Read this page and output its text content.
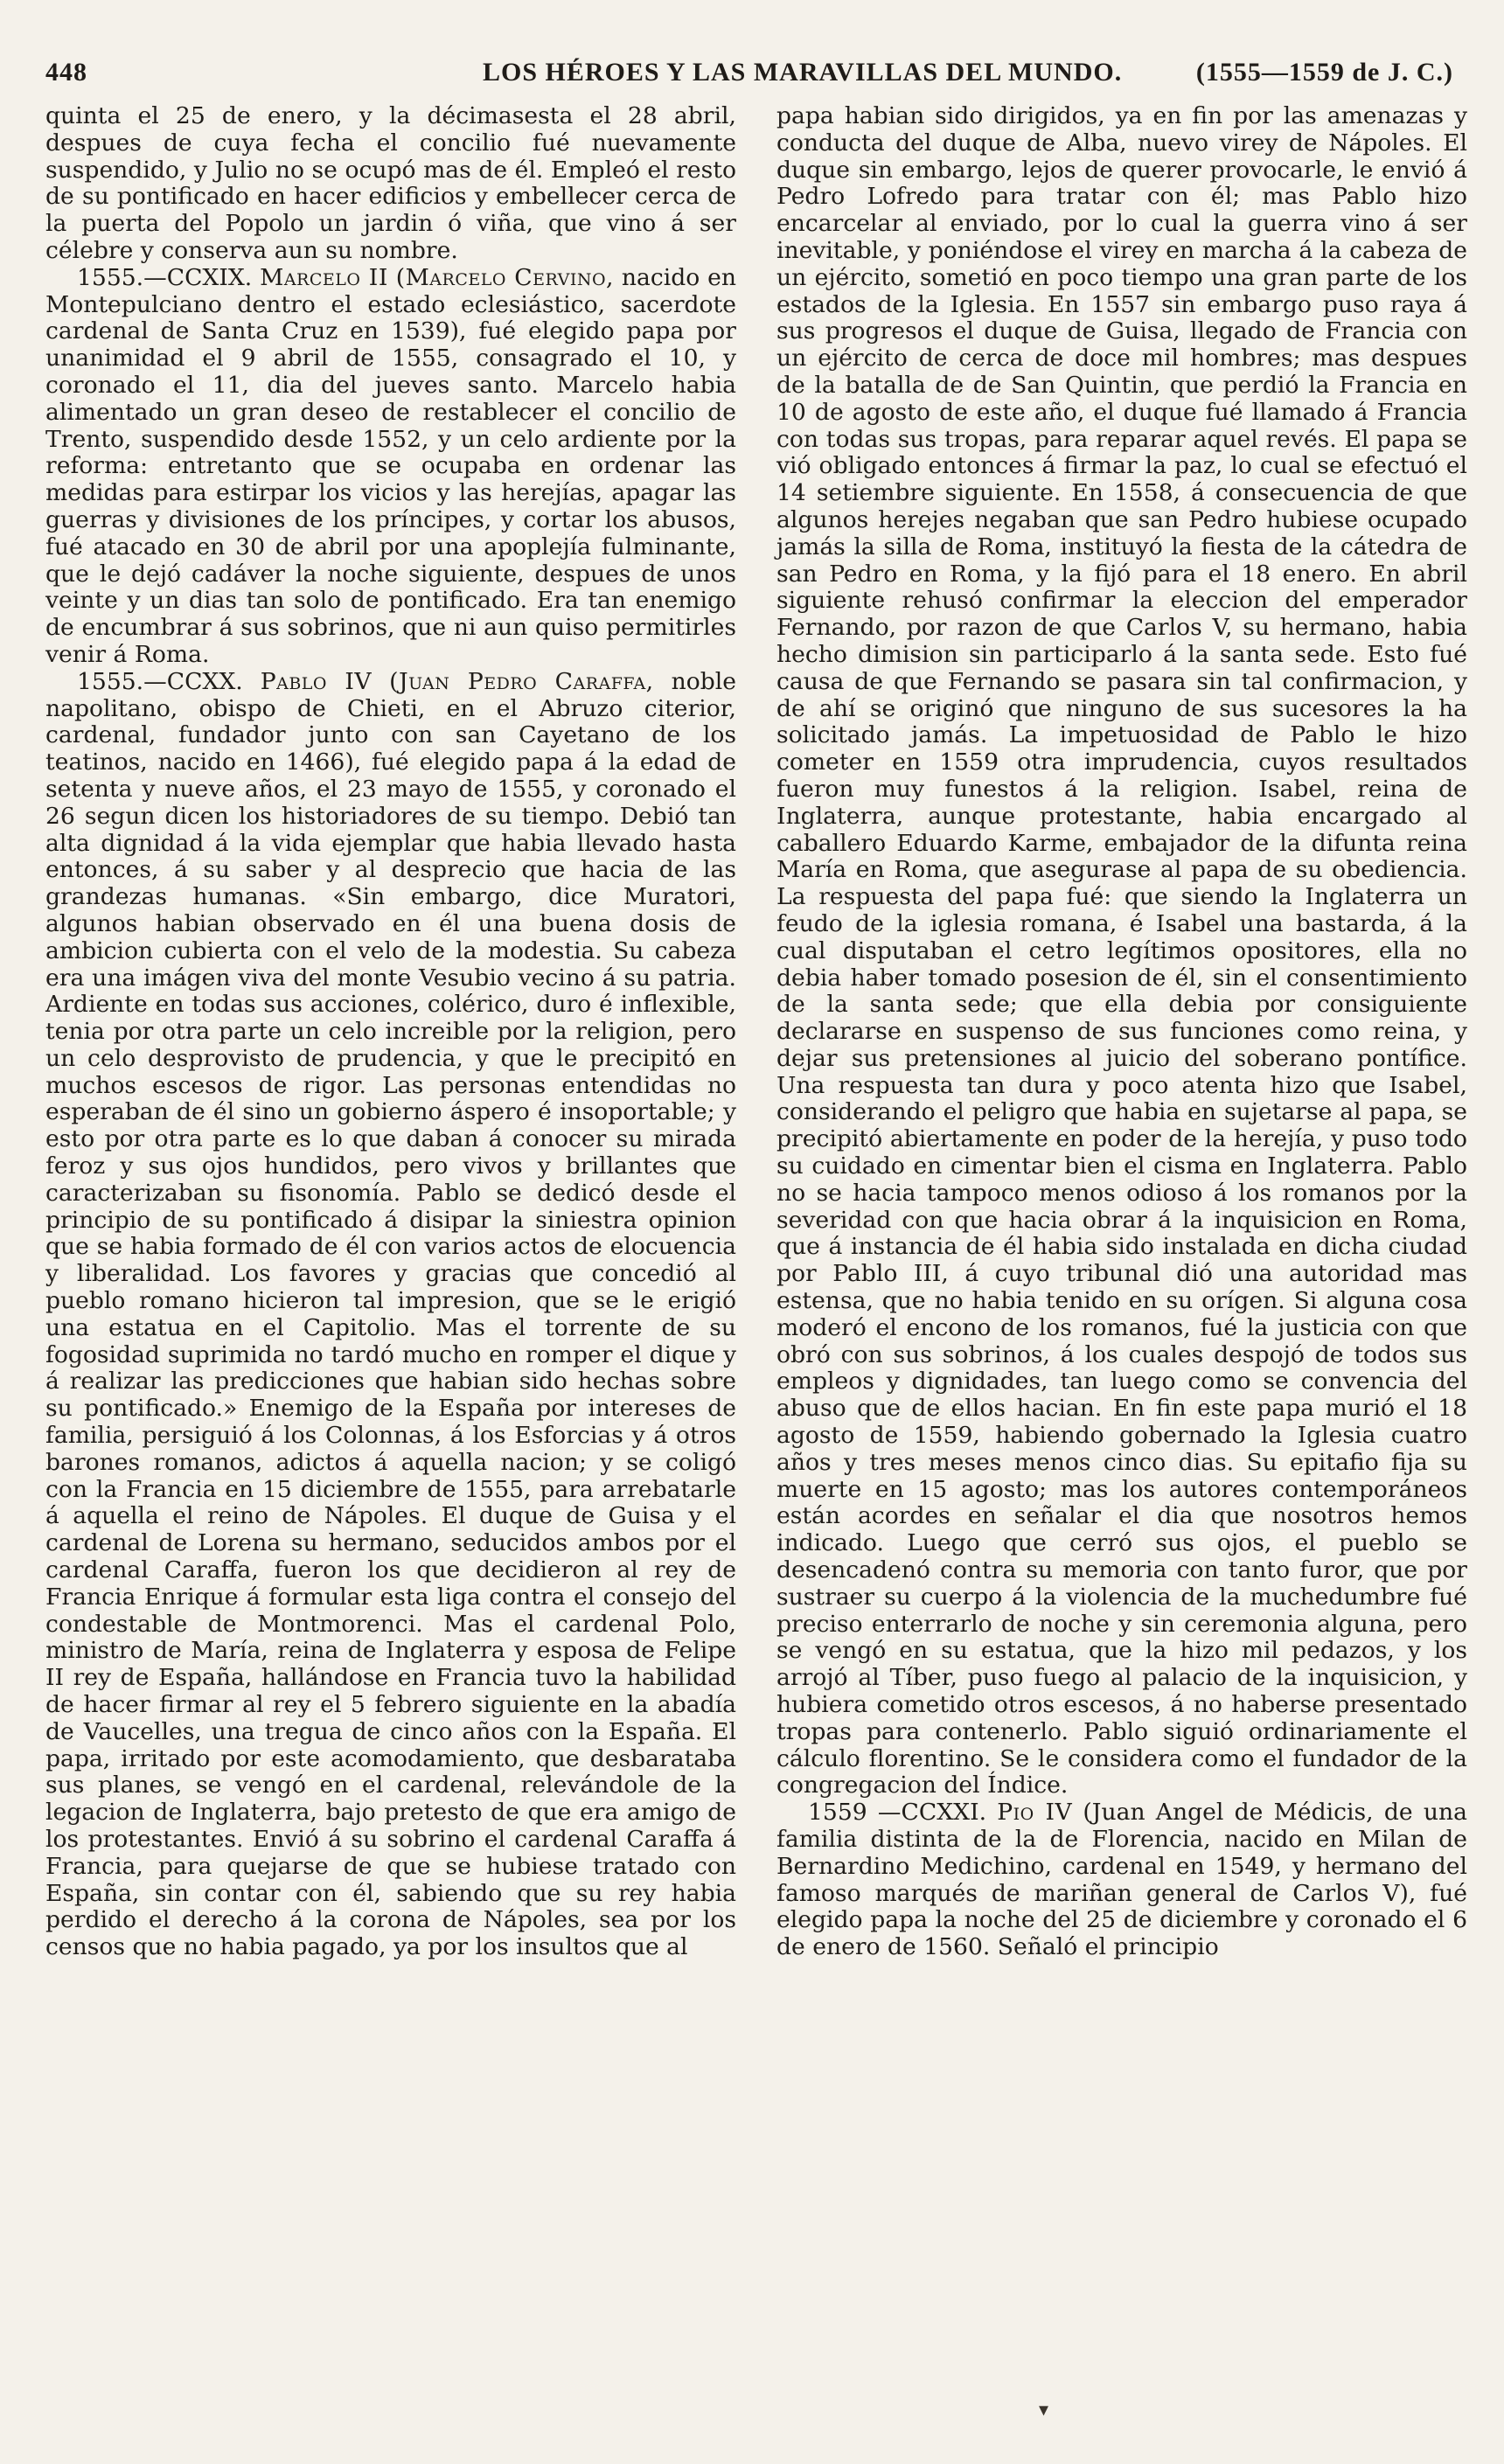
448	LOS HÉROES Y LAS MARAVILLAS DEL MUNDO.	(1555—1559 de J. C.)

quinta el 25 de enero, y la décimasesta el 28 abril, despues de cuya fecha el concilio fué nuevamente suspendido, y Julio no se ocupó mas de él. Empleó el resto de su pontificado en hacer edificios y embellecer cerca de la puerta del Popolo un jardin ó viña, que vino á ser célebre y conserva aun su nombre.

1555.—CCXIX. Marcelo II (Marcelo Cervino, nacido en Montepulciano dentro el estado eclesiástico, sacerdote cardenal de Santa Cruz en 1539), fué elegido papa por unanimidad el 9 abril de 1555, consagrado el 10, y coronado el 11, dia del jueves santo. Marcelo habia alimentado un gran deseo de restablecer el concilio de Trento, suspendido desde 1552, y un celo ardiente por la reforma: entretanto que se ocupaba en ordenar las medidas para estirpar los vicios y las herejías, apagar las guerras y divisiones de los príncipes, y cortar los abusos, fué atacado en 30 de abril por una apoplejía fulminante, que le dejó cadáver la noche siguiente, despues de unos veinte y un dias tan solo de pontificado. Era tan enemigo de encumbrar á sus sobrinos, que ni aun quiso permitirles venir á Roma.

1555.—CCXX. Pablo IV (Juan Pedro Caraffa, noble napolitano, obispo de Chieti, en el Abruzo citerior, cardenal, fundador junto con san Cayetano de los teatinos, nacido en 1466), fué elegido papa á la edad de setenta y nueve años, el 23 mayo de 1555, y coronado el 26 segun dicen los historiadores de su tiempo. Debió tan alta dignidad á la vida ejemplar que habia llevado hasta entonces, á su saber y al desprecio que hacia de las grandezas humanas. «Sin embargo, dice Muratori, algunos habian observado en él una buena dosis de ambicion cubierta con el velo de la modestia. Su cabeza era una imágen viva del monte Vesubio vecino á su patria. Ardiente en todas sus acciones, colérico, duro é inflexible, tenia por otra parte un celo increible por la religion, pero un celo desprovisto de prudencia, y que le precipitó en muchos escesos de rigor. Las personas entendidas no esperaban de él sino un gobierno áspero é insoportable; y esto por otra parte es lo que daban á conocer su mirada feroz y sus ojos hundidos, pero vivos y brillantes que caracterizaban su fisonomía. Pablo se dedicó desde el principio de su pontificado á disipar la siniestra opinion que se habia formado de él con varios actos de elocuencia y liberalidad. Los favores y gracias que concedió al pueblo romano hicieron tal impresion, que se le erigió una estatua en el Capitolio. Mas el torrente de su fogosidad suprimida no tardó mucho en romper el dique y á realizar las predicciones que habian sido hechas sobre su pontificado.» Enemigo de la España por intereses de familia, persiguió á los Colonnas, á los Esforcias y á otros barones romanos, adictos á aquella nacion; y se coligó con la Francia en 15 diciembre de 1555, para arrebatarle á aquella el reino de Nápoles. El duque de Guisa y el cardenal de Lorena su hermano, seducidos ambos por el cardenal Caraffa, fueron los que decidieron al rey de Francia Enrique á formular esta liga contra el consejo del condestable de Montmorenci. Mas el cardenal Polo, ministro de María, reina de Inglaterra y esposa de Felipe II rey de España, hallándose en Francia tuvo la habilidad de hacer firmar al rey el 5 febrero siguiente en la abadía de Vaucelles, una tregua de cinco años con la España. El papa, irritado por este acomodamiento, que desbarataba sus planes, se vengó en el cardenal, relevándole de la legacion de Inglaterra, bajo pretesto de que era amigo de los protestantes. Envió á su sobrino el cardenal Caraffa á Francia, para quejarse de que se hubiese tratado con España, sin contar con él, sabiendo que su rey habia perdido el derecho á la corona de Nápoles, sea por los censos que no habia pagado, ya por los insultos que al

papa habian sido dirigidos, ya en fin por las amenazas y conducta del duque de Alba, nuevo virey de Nápoles. El duque sin embargo, lejos de querer provocarle, le envió á Pedro Lofredo para tratar con él; mas Pablo hizo encarcelar al enviado, por lo cual la guerra vino á ser inevitable, y poniéndose el virey en marcha á la cabeza de un ejército, sometió en poco tiempo una gran parte de los estados de la Iglesia. En 1557 sin embargo puso raya á sus progresos el duque de Guisa, llegado de Francia con un ejército de cerca de doce mil hombres; mas despues de la batalla de de San Quintin, que perdió la Francia en 10 de agosto de este año, el duque fué llamado á Francia con todas sus tropas, para reparar aquel revés. El papa se vió obligado entonces á firmar la paz, lo cual se efectuó el 14 setiembre siguiente. En 1558, á consecuencia de que algunos herejes negaban que san Pedro hubiese ocupado jamás la silla de Roma, instituyó la fiesta de la cátedra de san Pedro en Roma, y la fijó para el 18 enero. En abril siguiente rehusó confirmar la eleccion del emperador Fernando, por razon de que Carlos V, su hermano, habia hecho dimision sin participarlo á la santa sede. Esto fué causa de que Fernando se pasara sin tal confirmacion, y de ahí se originó que ninguno de sus sucesores la ha solicitado jamás. La impetuosidad de Pablo le hizo cometer en 1559 otra imprudencia, cuyos resultados fueron muy funestos á la religion. Isabel, reina de Inglaterra, aunque protestante, habia encargado al caballero Eduardo Karme, embajador de la difunta reina María en Roma, que asegurase al papa de su obediencia. La respuesta del papa fué: que siendo la Inglaterra un feudo de la iglesia romana, é Isabel una bastarda, á la cual disputaban el cetro legítimos opositores, ella no debia haber tomado posesion de él, sin el consentimiento de la santa sede; que ella debia por consiguiente declararse en suspenso de sus funciones como reina, y dejar sus pretensiones al juicio del soberano pontífice. Una respuesta tan dura y poco atenta hizo que Isabel, considerando el peligro que habia en sujetarse al papa, se precipitó abiertamente en poder de la herejía, y puso todo su cuidado en cimentar bien el cisma en Inglaterra. Pablo no se hacia tampoco menos odioso á los romanos por la severidad con que hacia obrar á la inquisicion en Roma, que á instancia de él habia sido instalada en dicha ciudad por Pablo III, á cuyo tribunal dió una autoridad mas estensa, que no habia tenido en su orígen. Si alguna cosa moderó el encono de los romanos, fué la justicia con que obró con sus sobrinos, á los cuales despojó de todos sus empleos y dignidades, tan luego como se convencia del abuso que de ellos hacian. En fin este papa murió el 18 agosto de 1559, habiendo gobernado la Iglesia cuatro años y tres meses menos cinco dias. Su epitafio fija su muerte en 15 agosto; mas los autores contemporáneos están acordes en señalar el dia que nosotros hemos indicado. Luego que cerró sus ojos, el pueblo se desencadenó contra su memoria con tanto furor, que por sustraer su cuerpo á la violencia de la muchedumbre fué preciso enterrarlo de noche y sin ceremonia alguna, pero se vengó en su estatua, que la hizo mil pedazos, y los arrojó al Tíber, puso fuego al palacio de la inquisicion, y hubiera cometido otros escesos, á no haberse presentado tropas para contenerlo. Pablo siguió ordinariamente el cálculo florentino. Se le considera como el fundador de la congregacion del Índice.

1559 —CCXXI. Pio IV (Juan Angel de Médicis, de una familia distinta de la de Florencia, nacido en Milan de Bernardino Medichino, cardenal en 1549, y hermano del famoso marqués de mariñan general de Carlos V), fué elegido papa la noche del 25 de diciembre y coronado el 6 de enero de 1560. Señaló el principio

▾
